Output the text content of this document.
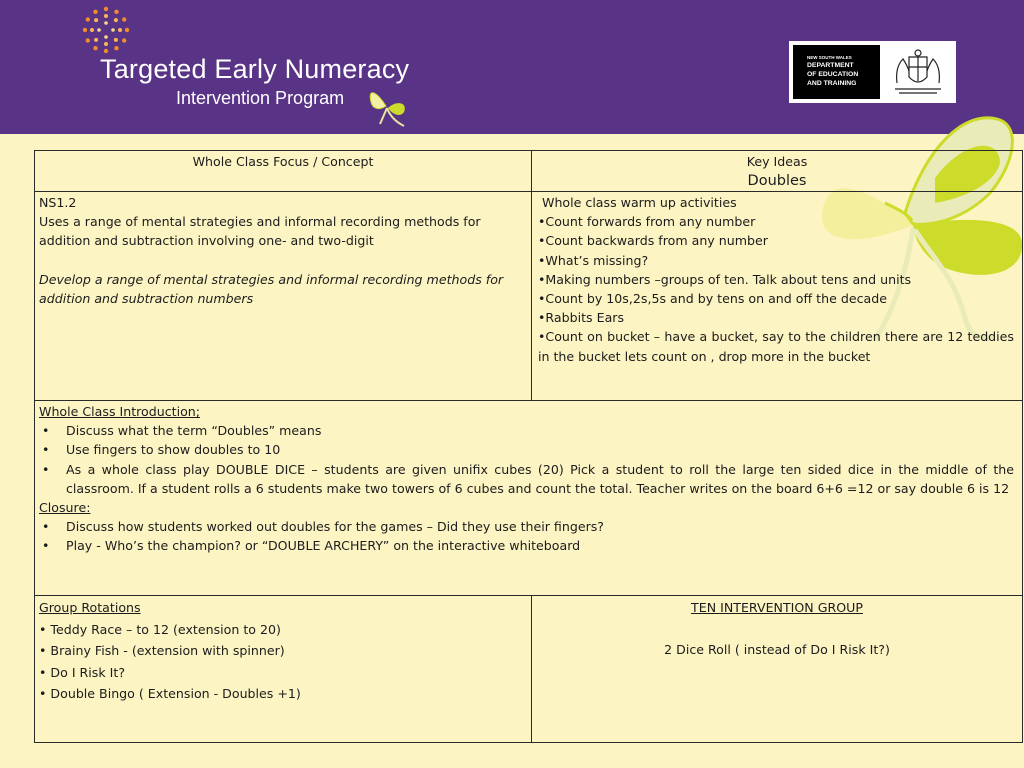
Targeted Early Numeracy
Intervention Program
NEW SOUTH WALES
DEPARTMENT
OF EDUCATION
AND TRAINING
Whole Class Focus / Concept	Key Ideas
Doubles
NS1.2
Uses a range of mental strategies and informal recording methods for addition and subtraction involving one- and two-digit
Develop a range of mental strategies and informal recording methods for addition and subtraction numbers
Whole class warm up activities
•Count forwards from any number
•Count backwards from any number
•What’s missing?
•Making numbers –groups of ten. Talk about tens and units
•Count by 10s,2s,5s and by tens on and off the decade
•Rabbits Ears
•Count on bucket – have a bucket, say to the children there are 12 teddies in the bucket lets count on , drop more in the bucket
Whole Class Introduction;
• Discuss what the term “Doubles” means
• Use fingers to show doubles to 10
• As a whole class play DOUBLE DICE – students are given unifix cubes (20) Pick a student to roll the large ten sided dice in the middle of the classroom. If a student rolls a 6 students make two towers of 6 cubes and count the total. Teacher writes on the board 6+6 =12 or say double 6 is 12
Closure:
• Discuss how students worked out doubles for the games – Did they use their fingers?
• Play - Who’s the champion? or “DOUBLE ARCHERY” on the interactive whiteboard
Group Rotations
• Teddy Race – to 12 (extension to 20)
• Brainy Fish - (extension with spinner)
• Do I Risk It?
• Double Bingo ( Extension - Doubles +1)
TEN INTERVENTION GROUP
2 Dice Roll ( instead of Do I Risk It?)
